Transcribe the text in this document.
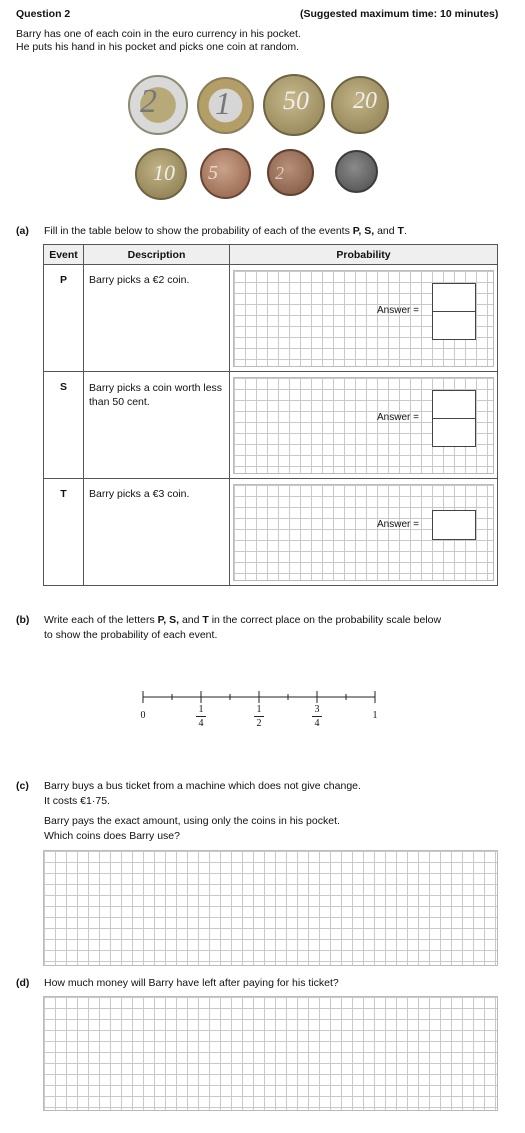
Question 2	(Suggested maximum time: 10 minutes)
Barry has one of each coin in the euro currency in his pocket.
He puts his hand in his pocket and picks one coin at random.
2 1 50 20
10 5	2
(a) Fill in the table below to show the probability of each of the events P, S, and T.
Event	Description	Probability
P	Barry picks a €2 coin.	
S	Barry picks a coin worth less than 50 cent.	
T	Barry picks a €3 coin.	
Answer =
Answer =
Answer =
(b) Write each of the letters P, S, and T in the correct place on the probability scale below
to show the probability of each event.
0
1
4
1
2
3
4
1
(c) Barry buys a bus ticket from a machine which does not give change.
It costs €1·75.
Barry pays the exact amount, using only the coins in his pocket.
Which coins does Barry use?
(d) How much money will Barry have left after paying for his ticket?
